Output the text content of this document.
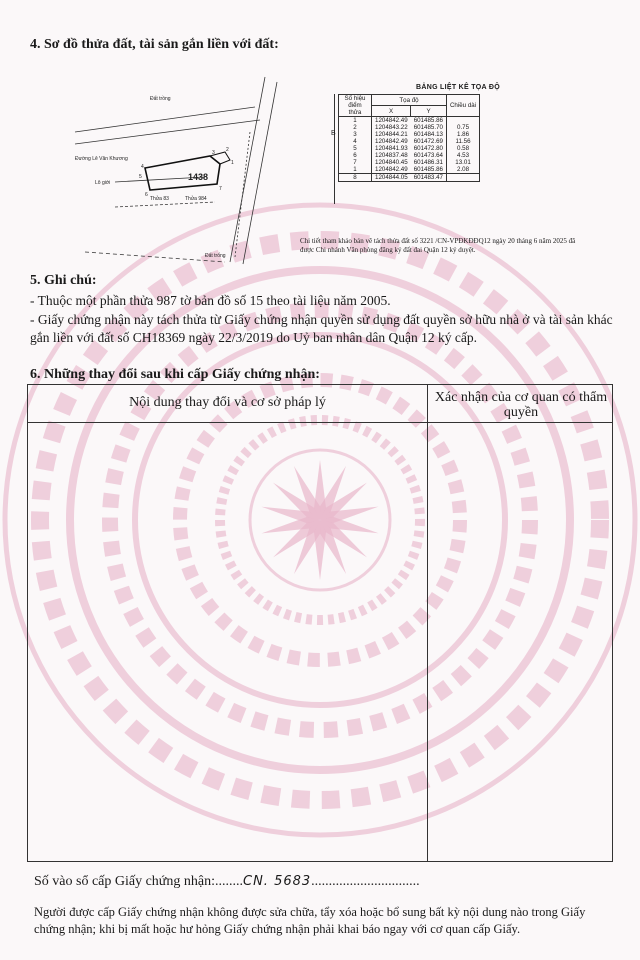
4. Sơ đồ thửa đất, tài sản gắn liền với đất:
1438
Đất trồng
Đường Lê Văn Khương
Thửa 83
Lô giới
Thửa 984
Đất trống
4
3 2
1
7
6
5
B
BẢNG LIỆT KÊ TỌA ĐỘ
Số hiệu điểm thửa	Tọa độ		Chiều dài
	X	Y	
1	1204842.49	601485.86	
2	1204843.22	601485.70	0.75
3	1204844.21	601484.13	1.86
4	1204842.49	601472.69	11.56
5	1204841.93	601472.80	0.58
6	1204837.48	601473.64	4.53
7	1204840.45	601486.31	13.01
1	1204842.49	601485.86	2.08
8	1204844.05	601483.47	
Chi tiết tham khảo bản vẽ tách thửa đất số 3221 /CN-VPĐKĐĐQ12 ngày 20 tháng 6 năm 2025 đã được Chi nhánh Văn phòng đăng ký đất đai Quận 12 ký duyệt.
5. Ghi chú:
- Thuộc một phần thửa 987 tờ bản đồ số 15 theo tài liệu năm 2005.
- Giấy chứng nhận này tách thửa từ Giấy chứng nhận quyền sử dụng đất quyền sở hữu nhà ở và tài sản khác gắn liền với đất số CH18369 ngày 22/3/2019 do Uỷ ban nhân dân Quận 12 ký cấp.
6. Những thay đổi sau khi cấp Giấy chứng nhận:
Nội dung thay đổi và cơ sở pháp lý	Xác nhận của cơ quan có thẩm quyền
Số vào sổ cấp Giấy chứng nhận:........CN. 5683...............................
Người được cấp Giấy chứng nhận không được sửa chữa, tẩy xóa hoặc bổ sung bất kỳ nội dung nào trong Giấy chứng nhận; khi bị mất hoặc hư hỏng Giấy chứng nhận phải khai báo ngay với cơ quan cấp Giấy.
